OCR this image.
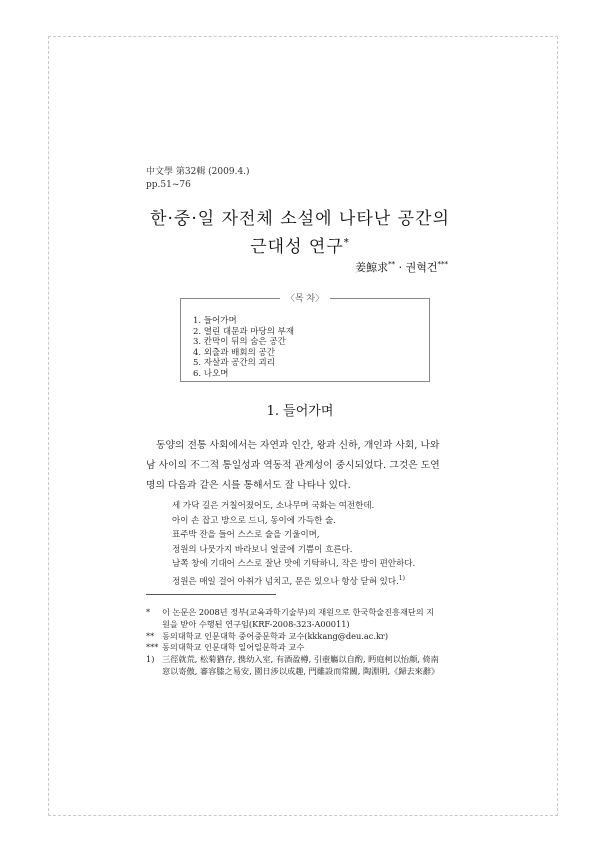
中文學 第32輯 (2009.4.)
pp.51~76
한·중·일 자전체 소설에 나타난 공간의
근대성 연구*
姜鯨求** · 권혁건***
〈목 차〉
1. 들어가며
2. 열린 대문과 마당의 부재
3. 칸막이 뒤의 숨은 공간
4. 외출과 배회의 공간
5. 자살과 공간의 괴리
6. 나오며
1. 들어가며
동양의 전통 사회에서는 자연과 인간, 왕과 신하, 개인과 사회, 나와
남 사이의 不二적 통일성과 역동적 관계성이 중시되었다. 그것은 도연
명의 다음과 같은 시를 통해서도 잘 나타나 있다.
세 가닥 길은 거칠어졌어도, 소나무며 국화는 여전한데.
아이 손 잡고 방으로 드니, 동이에 가득한 술.
표주박 잔을 들어 스스로 술을 기울이며,
정원의 나뭇가지 바라보니 얼굴에 기쁨이 흐른다.
남쪽 창에 기대어 스스로 잘난 맛에 기탁하니, 작은 방이 편안하다.
정원은 매일 걸어 아취가 넘치고, 문은 있으나 항상 닫혀 있다.$^{1)}$
* 이 논문은 2008년 정부(교육과학기술부)의 재원으로 한국학술진흥재단의 지
원을 받아 수행된 연구임(KRF-2008-323-A00011)
** 동의대학교 인문대학 중어중문학과 교수(kkkang@deu.ac.kr)
*** 동의대학교 인문대학 일어일문학과 교수
1) 三徑就荒, 松菊猶存, 携幼入室, 有酒盈樽, 引壺觴以自酌, 眄庭柯以怡顔, 倚南
窓以寄傲, 審容膝之易安, 園日涉以成趣, 門雖設而常關, 陶淵明,《歸去來辭》
